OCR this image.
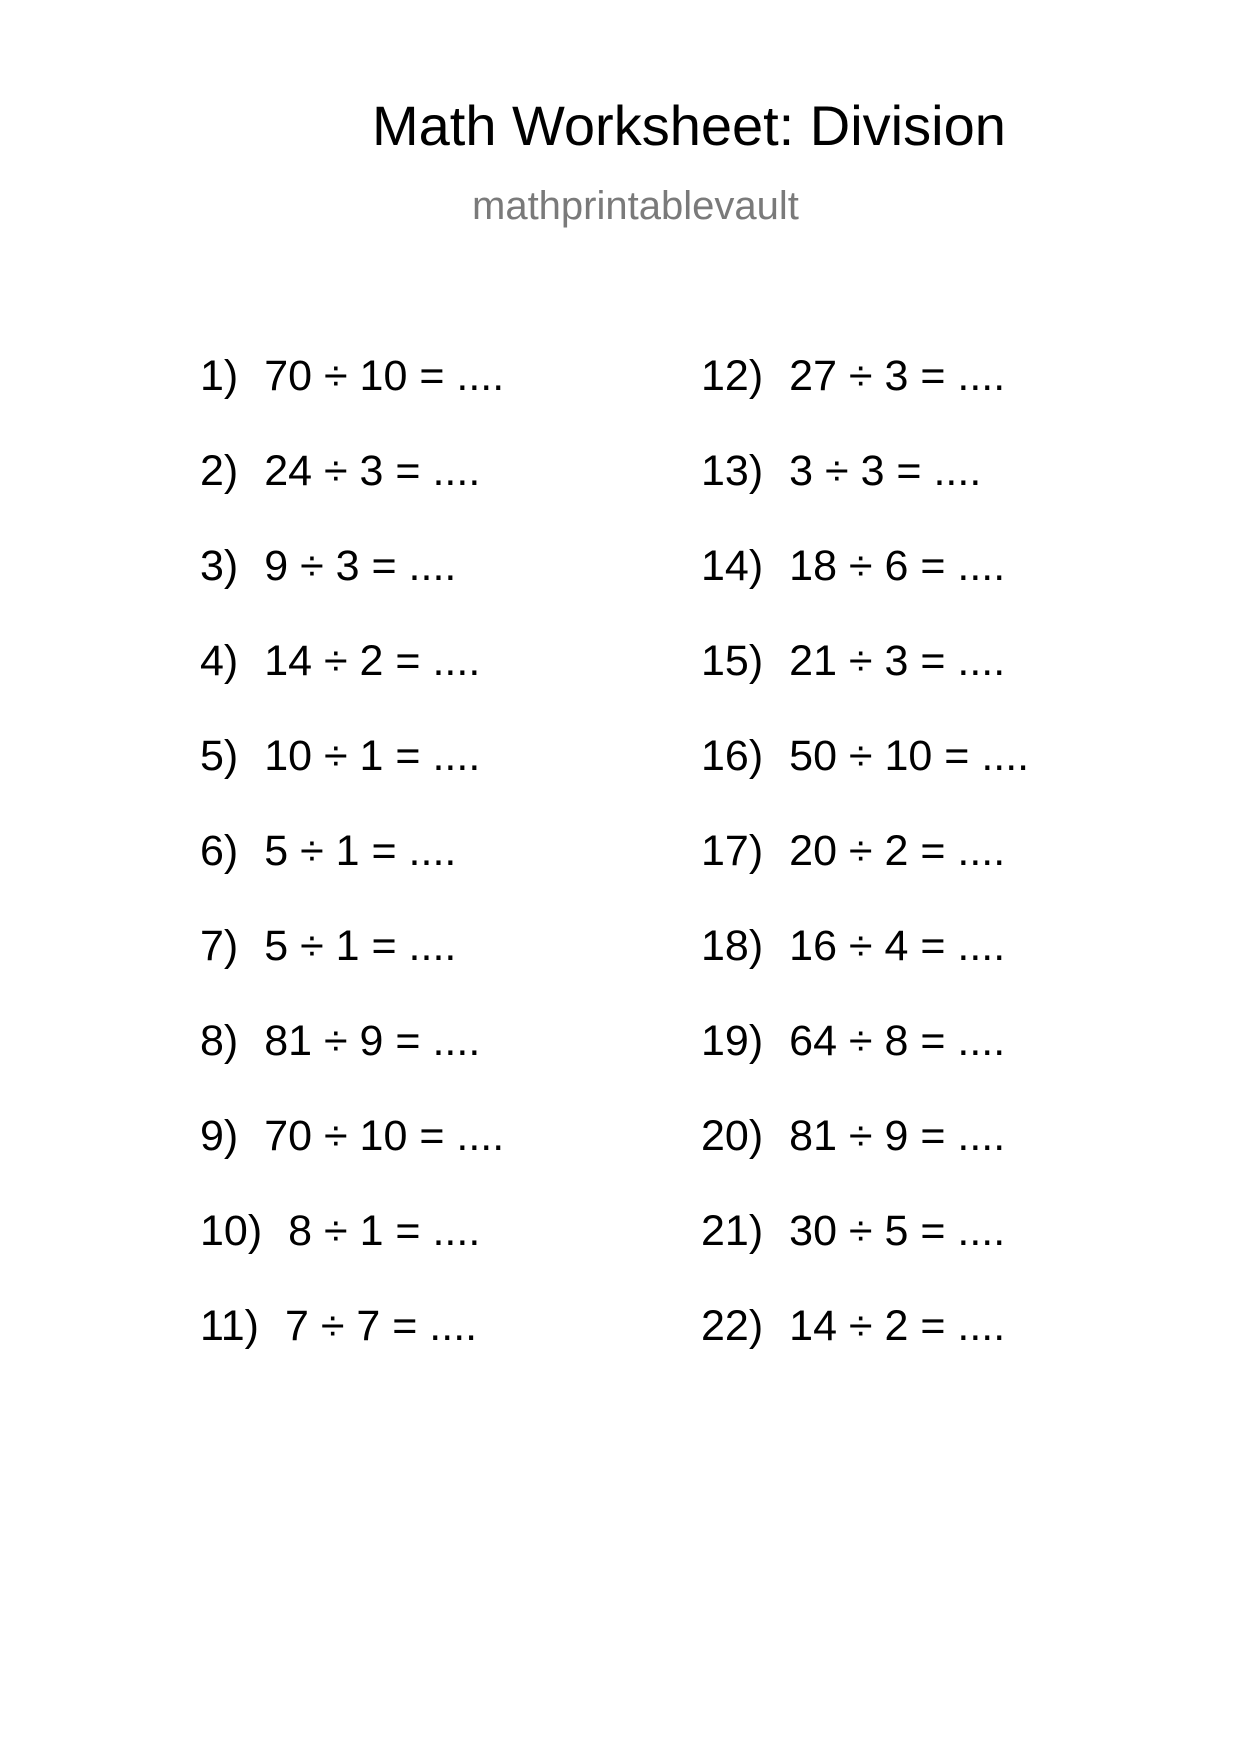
Math Worksheet: Division
mathprintablevault
1) 70 ÷ 10 = ....
2) 24 ÷ 3 = ....
3) 9 ÷ 3 = ....
4) 14 ÷ 2 = ....
5) 10 ÷ 1 = ....
6) 5 ÷ 1 = ....
7) 5 ÷ 1 = ....
8) 81 ÷ 9 = ....
9) 70 ÷ 10 = ....
10) 8 ÷ 1 = ....
11) 7 ÷ 7 = ....
12) 27 ÷ 3 = ....
13) 3 ÷ 3 = ....
14) 18 ÷ 6 = ....
15) 21 ÷ 3 = ....
16) 50 ÷ 10 = ....
17) 20 ÷ 2 = ....
18) 16 ÷ 4 = ....
19) 64 ÷ 8 = ....
20) 81 ÷ 9 = ....
21) 30 ÷ 5 = ....
22) 14 ÷ 2 = ....
